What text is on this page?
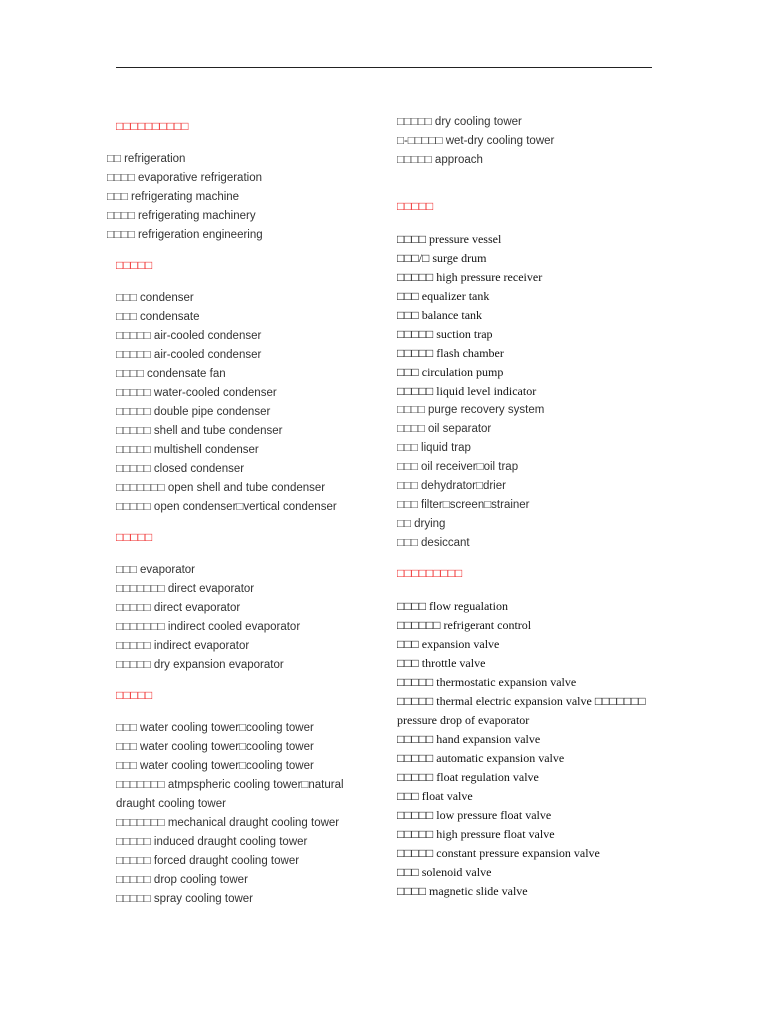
□□□□□□□□□□
□□ refrigeration
□□□□ evaporative refrigeration
□□□ refrigerating machine
□□□□ refrigerating machinery
□□□□ refrigeration engineering
□□□□□
□□□ condenser
□□□ condensate
□□□□□ air-cooled condenser
□□□□□ air-cooled condenser
□□□□ condensate fan
□□□□□ water-cooled condenser
□□□□□ double pipe condenser
□□□□□ shell and tube condenser
□□□□□ multishell condenser
□□□□□ closed condenser
□□□□□□□ open shell and tube condenser
□□□□□ open condenser□vertical condenser
□□□□□
□□□ evaporator
□□□□□□□ direct evaporator
□□□□□ direct evaporator
□□□□□□□ indirect cooled evaporator
□□□□□ indirect evaporator
□□□□□ dry expansion evaporator
□□□□□
□□□ water cooling tower□cooling tower
□□□ water cooling tower□cooling tower
□□□ water cooling tower□cooling tower
□□□□□□□ atmpspheric cooling tower□natural
draught cooling tower
□□□□□□□ mechanical draught cooling tower
□□□□□ induced draught cooling tower
□□□□□ forced draught cooling tower
□□□□□ drop cooling tower
□□□□□ spray cooling tower
□□□□□ dry cooling tower
□-□□□□□ wet-dry cooling tower
□□□□□ approach
□□□□□
□□□□ pressure vessel
□□□/□ surge drum
□□□□□ high pressure receiver
□□□ equalizer tank
□□□ balance tank
□□□□□ suction trap
□□□□□ flash chamber
□□□ circulation pump
□□□□□ liquid level indicator
□□□□ purge recovery system
□□□□ oil separator
□□□ liquid trap
□□□ oil receiver□oil trap
□□□ dehydrator□drier
□□□ filter□screen□strainer
□□ drying
□□□ desiccant
□□□□□□□□□
□□□□ flow regualation
□□□□□□ refrigerant control
□□□ expansion valve
□□□ throttle valve
□□□□□ thermostatic expansion valve
□□□□□ thermal electric expansion valve □□□□□□□
pressure drop of evaporator
□□□□□ hand expansion valve
□□□□□ automatic expansion valve
□□□□□ float regulation valve
□□□ float valve
□□□□□ low pressure float valve
□□□□□ high pressure float valve
□□□□□ constant pressure expansion valve
□□□ solenoid valve
□□□□ magnetic slide valve
